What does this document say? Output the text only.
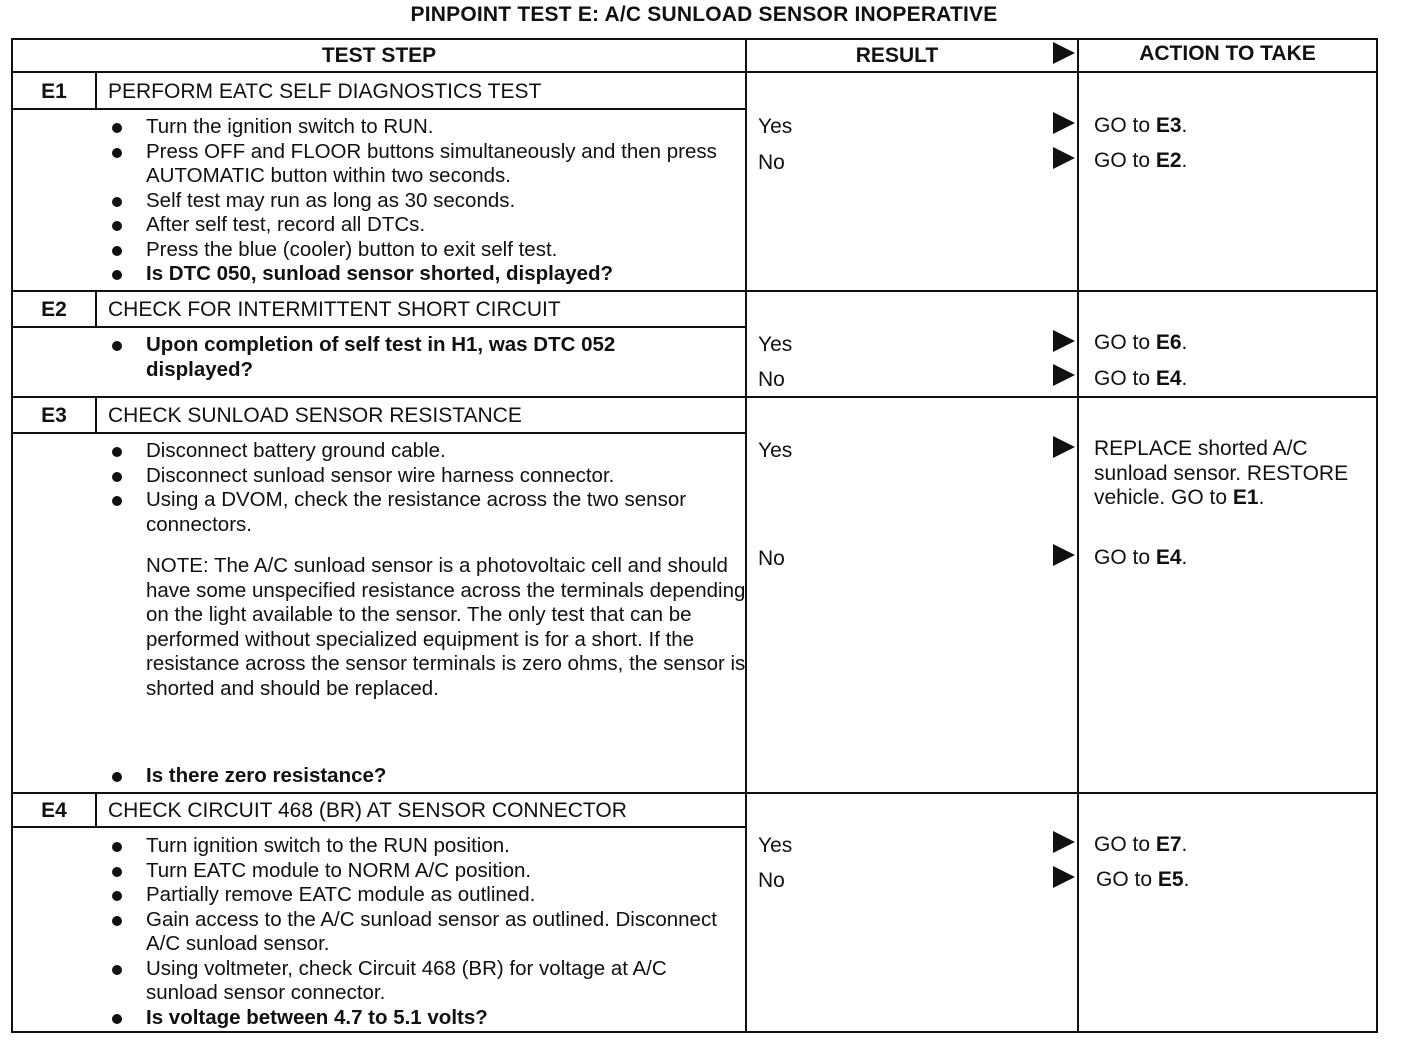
PINPOINT TEST E: A/C SUNLOAD SENSOR INOPERATIVE
TEST STEP	RESULT	ACTION TO TAKE
E1	PERFORM EATC SELF DIAGNOSTICS TEST
Turn the ignition switch to RUN.
Press OFF and FLOOR buttons simultaneously and then press AUTOMATIC button within two seconds.
Self test may run as long as 30 seconds.
After self test, record all DTCs.
Press the blue (cooler) button to exit self test.
Is DTC 050, sunload sensor shorted, displayed?
Yes	GO to E3.
No	GO to E2.
E2	CHECK FOR INTERMITTENT SHORT CIRCUIT
Upon completion of self test in H1, was DTC 052 displayed?
Yes	GO to E6.
No	GO to E4.
E3	CHECK SUNLOAD SENSOR RESISTANCE
Disconnect battery ground cable.
Disconnect sunload sensor wire harness connector.
Using a DVOM, check the resistance across the two sensor connectors.
NOTE: The A/C sunload sensor is a photovoltaic cell and should have some unspecified resistance across the terminals depending on the light available to the sensor. The only test that can be performed without specialized equipment is for a short. If the resistance across the sensor terminals is zero ohms, the sensor is shorted and should be replaced.
Is there zero resistance?
Yes	REPLACE shorted A/C sunload sensor. RESTORE vehicle. GO to E1.
No	GO to E4.
E4	CHECK CIRCUIT 468 (BR) AT SENSOR CONNECTOR
Turn ignition switch to the RUN position.
Turn EATC module to NORM A/C position.
Partially remove EATC module as outlined.
Gain access to the A/C sunload sensor as outlined. Disconnect A/C sunload sensor.
Using voltmeter, check Circuit 468 (BR) for voltage at A/C sunload sensor connector.
Is voltage between 4.7 to 5.1 volts?
Yes	GO to E7.
No	GO to E5.
